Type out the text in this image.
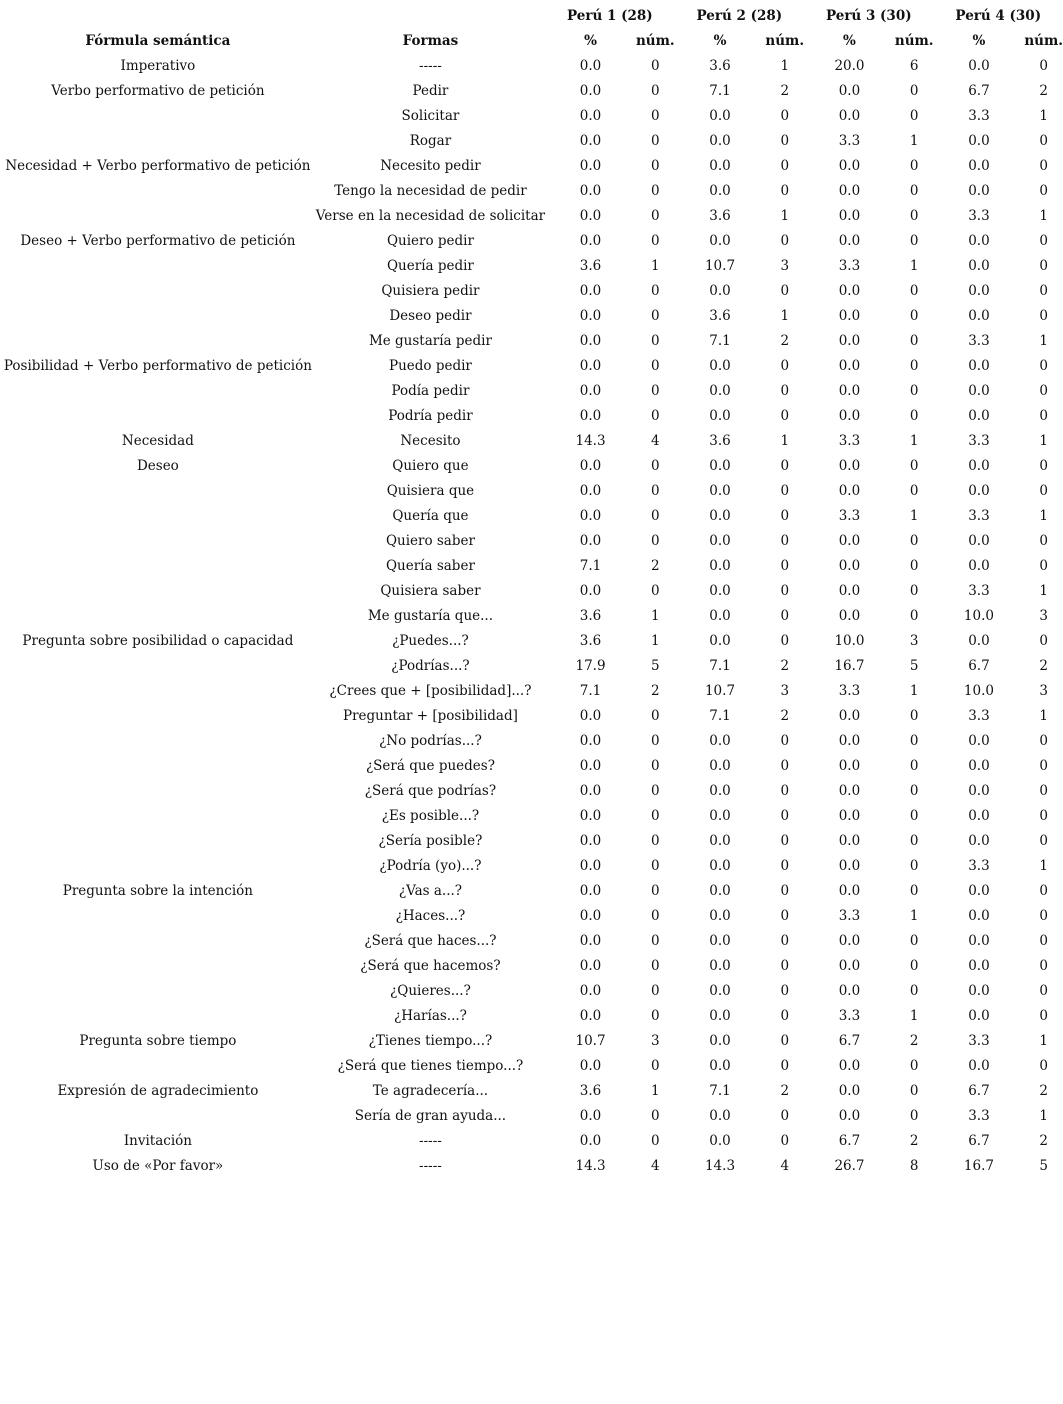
		Perú 1 (28)		Perú 2 (28)		Perú 3 (30)		Perú 4 (30)	
Fórmula semántica	Formas	%	núm.	%	núm.	%	núm.	%	núm.
Imperativo	-----	0.0	0	3.6	1	20.0	6	0.0	0
Verbo performativo de petición	Pedir	0.0	0	7.1	2	0.0	0	6.7	2
	Solicitar	0.0	0	0.0	0	0.0	0	3.3	1
	Rogar	0.0	0	0.0	0	3.3	1	0.0	0
Necesidad + Verbo performativo de petición	Necesito pedir	0.0	0	0.0	0	0.0	0	0.0	0
	Tengo la necesidad de pedir	0.0	0	0.0	0	0.0	0	0.0	0
	Verse en la necesidad de solicitar	0.0	0	3.6	1	0.0	0	3.3	1
Deseo + Verbo performativo de petición	Quiero pedir	0.0	0	0.0	0	0.0	0	0.0	0
	Quería pedir	3.6	1	10.7	3	3.3	1	0.0	0
	Quisiera pedir	0.0	0	0.0	0	0.0	0	0.0	0
	Deseo pedir	0.0	0	3.6	1	0.0	0	0.0	0
	Me gustaría pedir	0.0	0	7.1	2	0.0	0	3.3	1
Posibilidad + Verbo performativo de petición	Puedo pedir	0.0	0	0.0	0	0.0	0	0.0	0
	Podía pedir	0.0	0	0.0	0	0.0	0	0.0	0
	Podría pedir	0.0	0	0.0	0	0.0	0	0.0	0
Necesidad	Necesito	14.3	4	3.6	1	3.3	1	3.3	1
Deseo	Quiero que	0.0	0	0.0	0	0.0	0	0.0	0
	Quisiera que	0.0	0	0.0	0	0.0	0	0.0	0
	Quería que	0.0	0	0.0	0	3.3	1	3.3	1
	Quiero saber	0.0	0	0.0	0	0.0	0	0.0	0
	Quería saber	7.1	2	0.0	0	0.0	0	0.0	0
	Quisiera saber	0.0	0	0.0	0	0.0	0	3.3	1
	Me gustaría que...	3.6	1	0.0	0	0.0	0	10.0	3
Pregunta sobre posibilidad o capacidad	¿Puedes...?	3.6	1	0.0	0	10.0	3	0.0	0
	¿Podrías...?	17.9	5	7.1	2	16.7	5	6.7	2
	¿Crees que + [posibilidad]...?	7.1	2	10.7	3	3.3	1	10.0	3
	Preguntar + [posibilidad]	0.0	0	7.1	2	0.0	0	3.3	1
	¿No podrías...?	0.0	0	0.0	0	0.0	0	0.0	0
	¿Será que puedes?	0.0	0	0.0	0	0.0	0	0.0	0
	¿Será que podrías?	0.0	0	0.0	0	0.0	0	0.0	0
	¿Es posible...?	0.0	0	0.0	0	0.0	0	0.0	0
	¿Sería posible?	0.0	0	0.0	0	0.0	0	0.0	0
	¿Podría (yo)...?	0.0	0	0.0	0	0.0	0	3.3	1
Pregunta sobre la intención	¿Vas a...?	0.0	0	0.0	0	0.0	0	0.0	0
	¿Haces...?	0.0	0	0.0	0	3.3	1	0.0	0
	¿Será que haces...?	0.0	0	0.0	0	0.0	0	0.0	0
	¿Será que hacemos?	0.0	0	0.0	0	0.0	0	0.0	0
	¿Quieres...?	0.0	0	0.0	0	0.0	0	0.0	0
	¿Harías...?	0.0	0	0.0	0	3.3	1	0.0	0
Pregunta sobre tiempo	¿Tienes tiempo...?	10.7	3	0.0	0	6.7	2	3.3	1
	¿Será que tienes tiempo...?	0.0	0	0.0	0	0.0	0	0.0	0
Expresión de agradecimiento	Te agradecería...	3.6	1	7.1	2	0.0	0	6.7	2
	Sería de gran ayuda...	0.0	0	0.0	0	0.0	0	3.3	1
Invitación	-----	0.0	0	0.0	0	6.7	2	6.7	2
Uso de «Por favor»	-----	14.3	4	14.3	4	26.7	8	16.7	5
